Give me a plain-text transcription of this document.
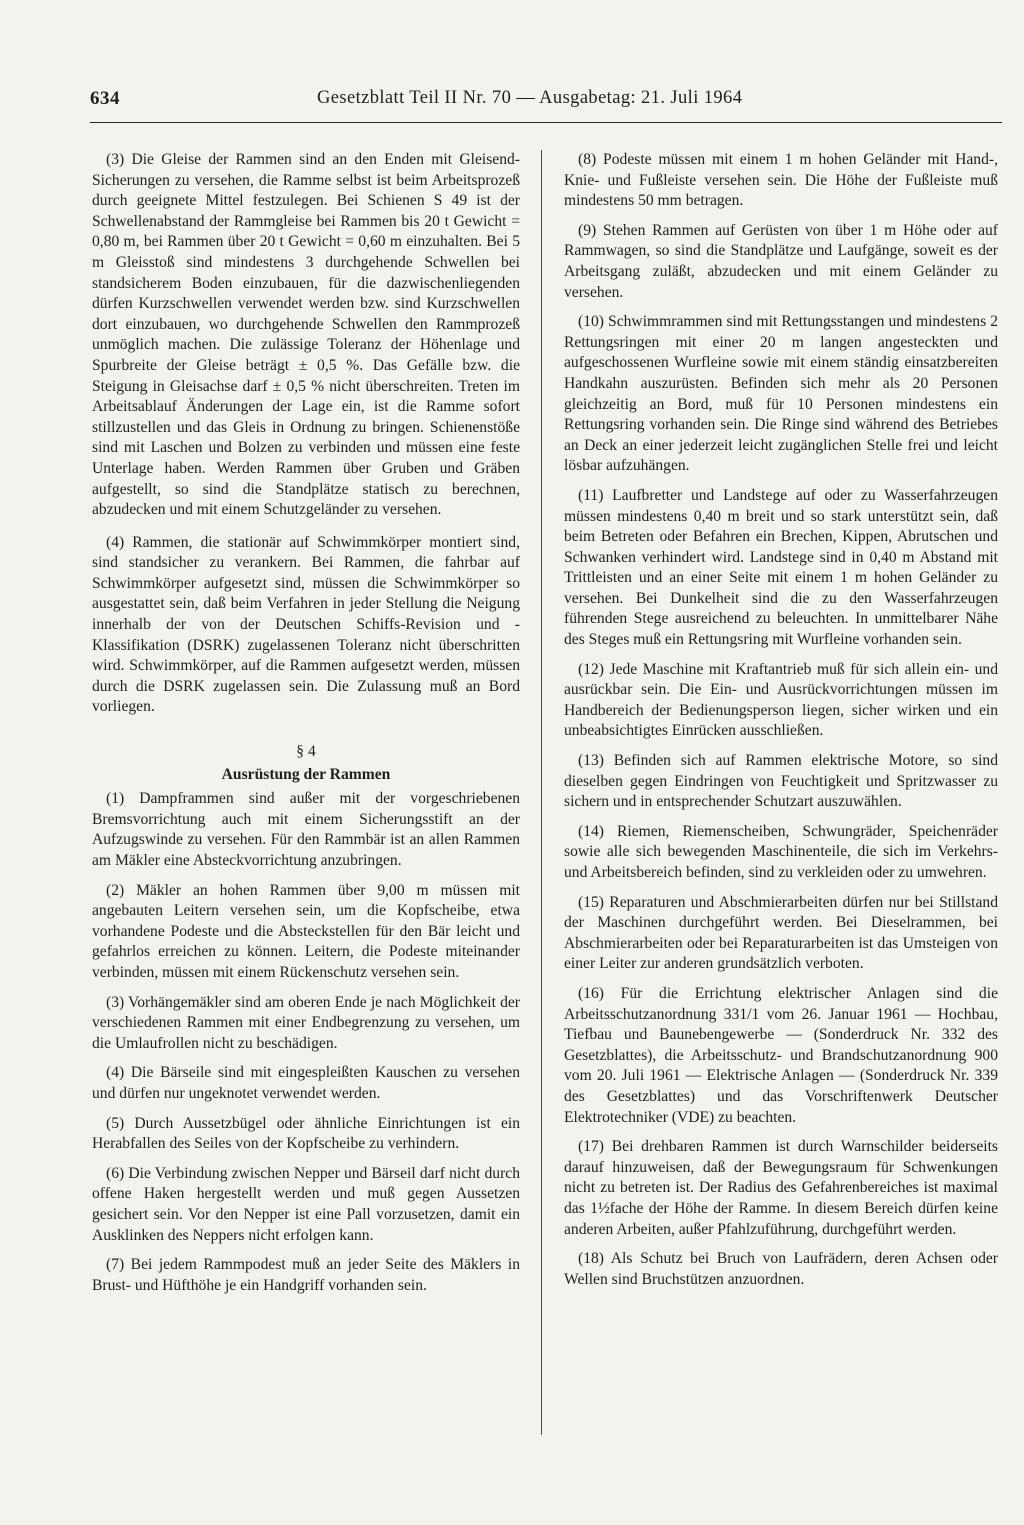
634	Gesetzblatt Teil II Nr. 70 — Ausgabetag: 21. Juli 1964

(3) Die Gleise der Rammen sind an den Enden mit Gleisend-Sicherungen zu versehen, die Ramme selbst ist beim Arbeitsprozeß durch geeignete Mittel festzulegen. Bei Schienen S 49 ist der Schwellenabstand der Rammgleise bei Rammen bis 20 t Gewicht = 0,80 m, bei Rammen über 20 t Gewicht = 0,60 m einzuhalten. Bei 5 m Gleisstoß sind mindestens 3 durchgehende Schwellen bei standsicherem Boden einzubauen, für die dazwischenliegenden dürfen Kurzschwellen verwendet werden bzw. sind Kurzschwellen dort einzubauen, wo durchgehende Schwellen den Rammprozeß unmöglich machen. Die zulässige Toleranz der Höhenlage und Spurbreite der Gleise beträgt ± 0,5 %. Das Gefälle bzw. die Steigung in Gleisachse darf ± 0,5 % nicht überschreiten. Treten im Arbeitsablauf Änderungen der Lage ein, ist die Ramme sofort stillzustellen und das Gleis in Ordnung zu bringen. Schienenstöße sind mit Laschen und Bolzen zu verbinden und müssen eine feste Unterlage haben. Werden Rammen über Gruben und Gräben aufgestellt, so sind die Standplätze statisch zu berechnen, abzudecken und mit einem Schutzgeländer zu versehen.

(4) Rammen, die stationär auf Schwimmkörper montiert sind, sind standsicher zu verankern. Bei Rammen, die fahrbar auf Schwimmkörper aufgesetzt sind, müssen die Schwimmkörper so ausgestattet sein, daß beim Verfahren in jeder Stellung die Neigung innerhalb der von der Deutschen Schiffs-Revision und -Klassifikation (DSRK) zugelassenen Toleranz nicht überschritten wird. Schwimmkörper, auf die Rammen aufgesetzt werden, müssen durch die DSRK zugelassen sein. Die Zulassung muß an Bord vorliegen.

§ 4

Ausrüstung der Rammen

(1) Dampframmen sind außer mit der vorgeschriebenen Bremsvorrichtung auch mit einem Sicherungsstift an der Aufzugswinde zu versehen. Für den Rammbär ist an allen Rammen am Mäkler eine Absteckvorrichtung anzubringen.

(2) Mäkler an hohen Rammen über 9,00 m müssen mit angebauten Leitern versehen sein, um die Kopfscheibe, etwa vorhandene Podeste und die Absteckstellen für den Bär leicht und gefahrlos erreichen zu können. Leitern, die Podeste miteinander verbinden, müssen mit einem Rückenschutz versehen sein.

(3) Vorhängemäkler sind am oberen Ende je nach Möglichkeit der verschiedenen Rammen mit einer Endbegrenzung zu versehen, um die Umlaufrollen nicht zu beschädigen.

(4) Die Bärseile sind mit eingespleißten Kauschen zu versehen und dürfen nur ungeknotet verwendet werden.

(5) Durch Aussetzbügel oder ähnliche Einrichtungen ist ein Herabfallen des Seiles von der Kopfscheibe zu verhindern.

(6) Die Verbindung zwischen Nepper und Bärseil darf nicht durch offene Haken hergestellt werden und muß gegen Aussetzen gesichert sein. Vor den Nepper ist eine Pall vorzusetzen, damit ein Ausklinken des Neppers nicht erfolgen kann.

(7) Bei jedem Rammpodest muß an jeder Seite des Mäklers in Brust- und Hüfthöhe je ein Handgriff vorhanden sein.

(8) Podeste müssen mit einem 1 m hohen Geländer mit Hand-, Knie- und Fußleiste versehen sein. Die Höhe der Fußleiste muß mindestens 50 mm betragen.

(9) Stehen Rammen auf Gerüsten von über 1 m Höhe oder auf Rammwagen, so sind die Standplätze und Laufgänge, soweit es der Arbeitsgang zuläßt, abzudecken und mit einem Geländer zu versehen.

(10) Schwimmrammen sind mit Rettungsstangen und mindestens 2 Rettungsringen mit einer 20 m langen angesteckten und aufgeschossenen Wurfleine sowie mit einem ständig einsatzbereiten Handkahn auszurüsten. Befinden sich mehr als 20 Personen gleichzeitig an Bord, muß für 10 Personen mindestens ein Rettungsring vorhanden sein. Die Ringe sind während des Betriebes an Deck an einer jederzeit leicht zugänglichen Stelle frei und leicht lösbar aufzuhängen.

(11) Laufbretter und Landstege auf oder zu Wasserfahrzeugen müssen mindestens 0,40 m breit und so stark unterstützt sein, daß beim Betreten oder Befahren ein Brechen, Kippen, Abrutschen und Schwanken verhindert wird. Landstege sind in 0,40 m Abstand mit Trittleisten und an einer Seite mit einem 1 m hohen Geländer zu versehen. Bei Dunkelheit sind die zu den Wasserfahrzeugen führenden Stege ausreichend zu beleuchten. In unmittelbarer Nähe des Steges muß ein Rettungsring mit Wurfleine vorhanden sein.

(12) Jede Maschine mit Kraftantrieb muß für sich allein ein- und ausrückbar sein. Die Ein- und Ausrückvorrichtungen müssen im Handbereich der Bedienungsperson liegen, sicher wirken und ein unbeabsichtigtes Einrücken ausschließen.

(13) Befinden sich auf Rammen elektrische Motore, so sind dieselben gegen Eindringen von Feuchtigkeit und Spritzwasser zu sichern und in entsprechender Schutzart auszuwählen.

(14) Riemen, Riemenscheiben, Schwungräder, Speichenräder sowie alle sich bewegenden Maschinenteile, die sich im Verkehrs- und Arbeitsbereich befinden, sind zu verkleiden oder zu umwehren.

(15) Reparaturen und Abschmierarbeiten dürfen nur bei Stillstand der Maschinen durchgeführt werden. Bei Dieselrammen, bei Abschmierarbeiten oder bei Reparaturarbeiten ist das Umsteigen von einer Leiter zur anderen grundsätzlich verboten.

(16) Für die Errichtung elektrischer Anlagen sind die Arbeitsschutzanordnung 331/1 vom 26. Januar 1961 — Hochbau, Tiefbau und Baunebengewerbe — (Sonderdruck Nr. 332 des Gesetzblattes), die Arbeitsschutz- und Brandschutzanordnung 900 vom 20. Juli 1961 — Elektrische Anlagen — (Sonderdruck Nr. 339 des Gesetzblattes) und das Vorschriftenwerk Deutscher Elektrotechniker (VDE) zu beachten.

(17) Bei drehbaren Rammen ist durch Warnschilder beiderseits darauf hinzuweisen, daß der Bewegungsraum für Schwenkungen nicht zu betreten ist. Der Radius des Gefahrenbereiches ist maximal das 1½fache der Höhe der Ramme. In diesem Bereich dürfen keine anderen Arbeiten, außer Pfahlzuführung, durchgeführt werden.

(18) Als Schutz bei Bruch von Laufrädern, deren Achsen oder Wellen sind Bruchstützen anzuordnen.
